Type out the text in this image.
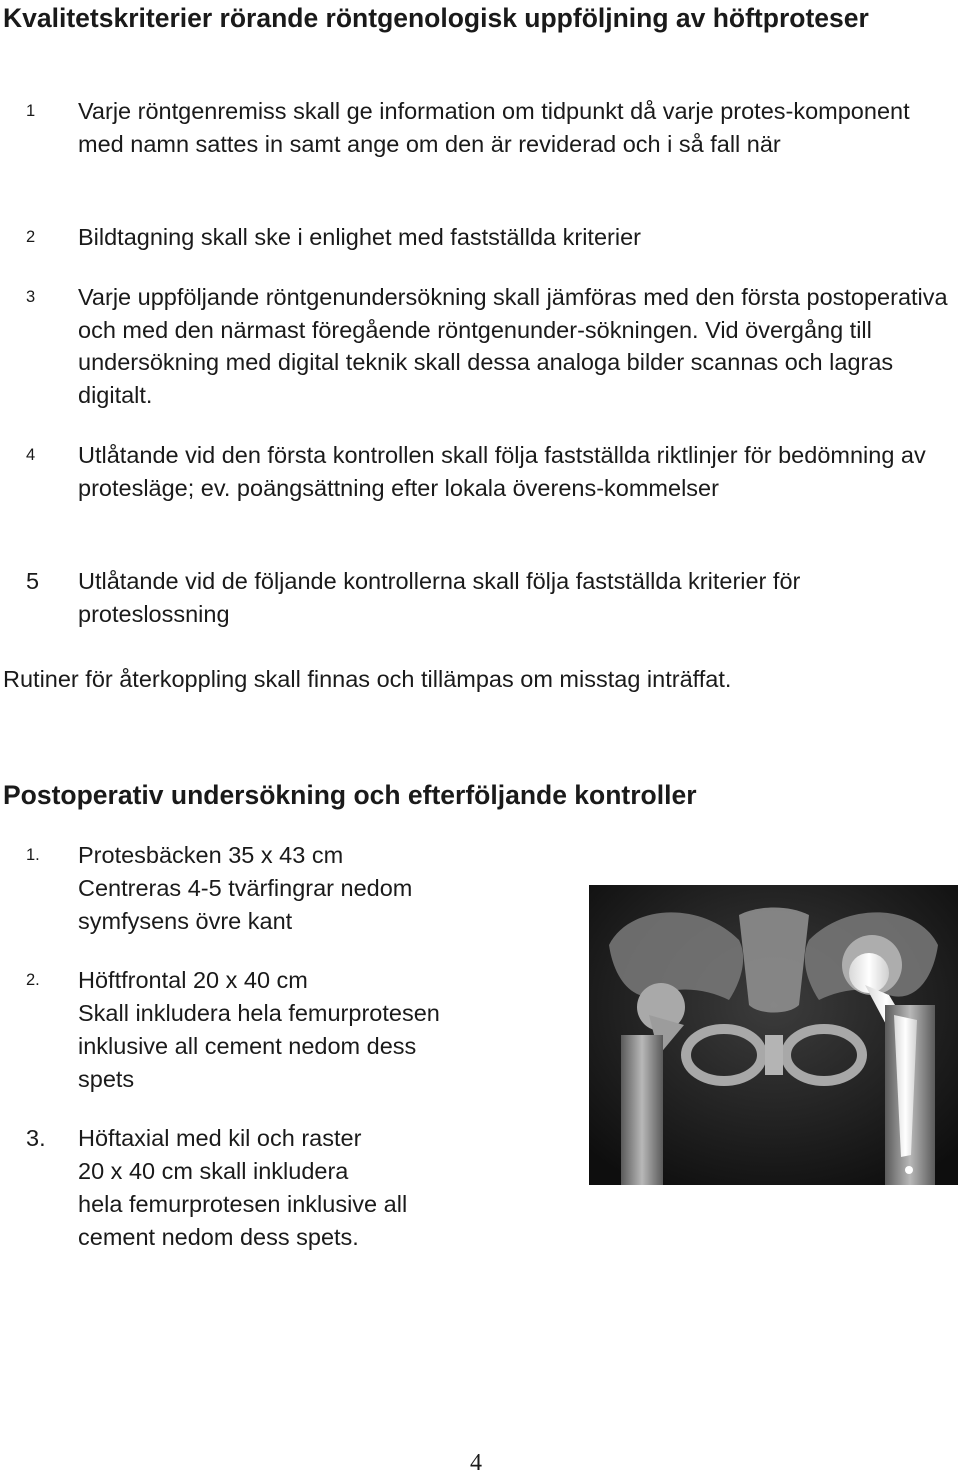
Kvalitetskriterier rörande röntgenologisk uppföljning av höftproteser
1 Varje röntgenremiss skall ge information om tidpunkt då varje protes-komponent med namn sattes in samt ange om den är reviderad och i så fall när
2 Bildtagning skall ske i enlighet med fastställda kriterier
3 Varje uppföljande röntgenundersökning skall jämföras med den första postoperativa och med den närmast föregående röntgenunder-sökningen. Vid övergång till undersökning med digital teknik skall dessa analoga bilder scannas och lagras digitalt.
4 Utlåtande vid den första kontrollen skall följa fastställda riktlinjer för bedömning av protesläge; ev. poängsättning efter lokala överens-kommelser
5 Utlåtande vid de följande kontrollerna skall följa fastställda kriterier för proteslossning
Rutiner för återkoppling skall finnas och tillämpas om misstag inträffat.
Postoperativ undersökning och efterföljande kontroller
1. Protesbäcken 35 x 43 cm
Centreras 4-5 tvärfingrar nedom
symfysens övre kant
2. Höftfrontal 20 x 40 cm
Skall inkludera hela femurprotesen
inklusive all cement nedom dess
spets
3. Höftaxial med kil och raster
20 x 40 cm skall inkludera
hela femurprotesen inklusive all
cement nedom dess spets.
4
